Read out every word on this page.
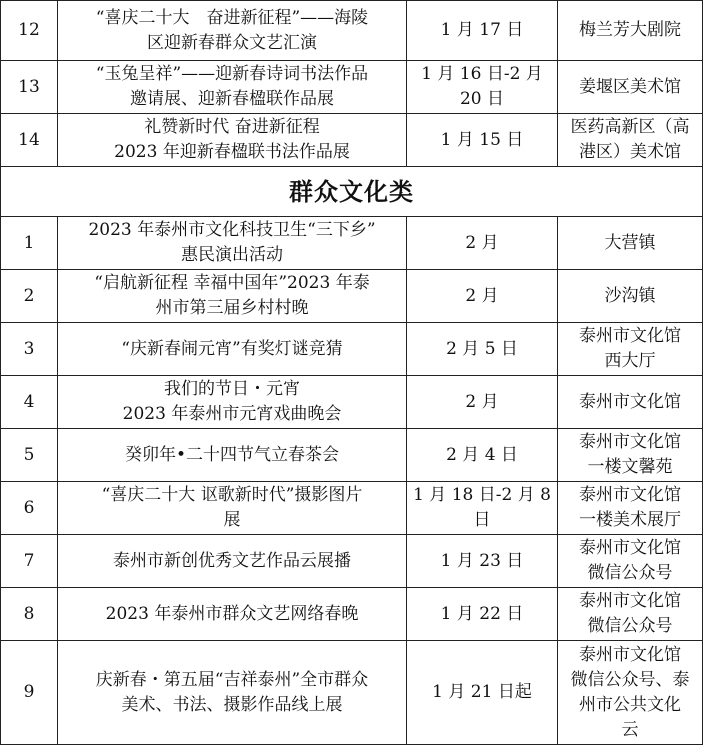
12	“喜庆二十大　奋进新征程”——海陵
区迎新春群众文艺汇演	1 月 17 日	梅兰芳大剧院

13	“玉兔呈祥”——迎新春诗词书法作品
邀请展、迎新春楹联作品展	1 月 16 日-2 月
20 日	姜堰区美术馆

14	礼赞新时代 奋进新征程
2023 年迎新春楹联书法作品展	1 月 15 日	医药高新区（高
港区）美术馆

群众文化类			
1	2023 年泰州市文化科技卫生“三下乡”
惠民演出活动	2 月	大营镇

2	“启航新征程 幸福中国年”2023 年泰
州市第三届乡村村晚	2 月	沙沟镇

3	“庆新春闹元宵”有奖灯谜竞猜	2 月 5 日	泰州市文化馆
西大厅

4	我们的节日・元宵
2023 年泰州市元宵戏曲晚会	2 月	泰州市文化馆

5	癸卯年•二十四节气立春茶会	2 月 4 日	泰州市文化馆
一楼文馨苑

6	“喜庆二十大 讴歌新时代”摄影图片
展	1 月 18 日-2 月 8
日	泰州市文化馆
一楼美术展厅

7	泰州市新创优秀文艺作品云展播	1 月 23 日	泰州市文化馆
微信公众号

8	2023 年泰州市群众文艺网络春晚	1 月 22 日	泰州市文化馆
微信公众号

9	庆新春・第五届“吉祥泰州”全市群众
美术、书法、摄影作品线上展	1 月 21 日起	泰州市文化馆
微信公众号、泰
州市公共文化
云
